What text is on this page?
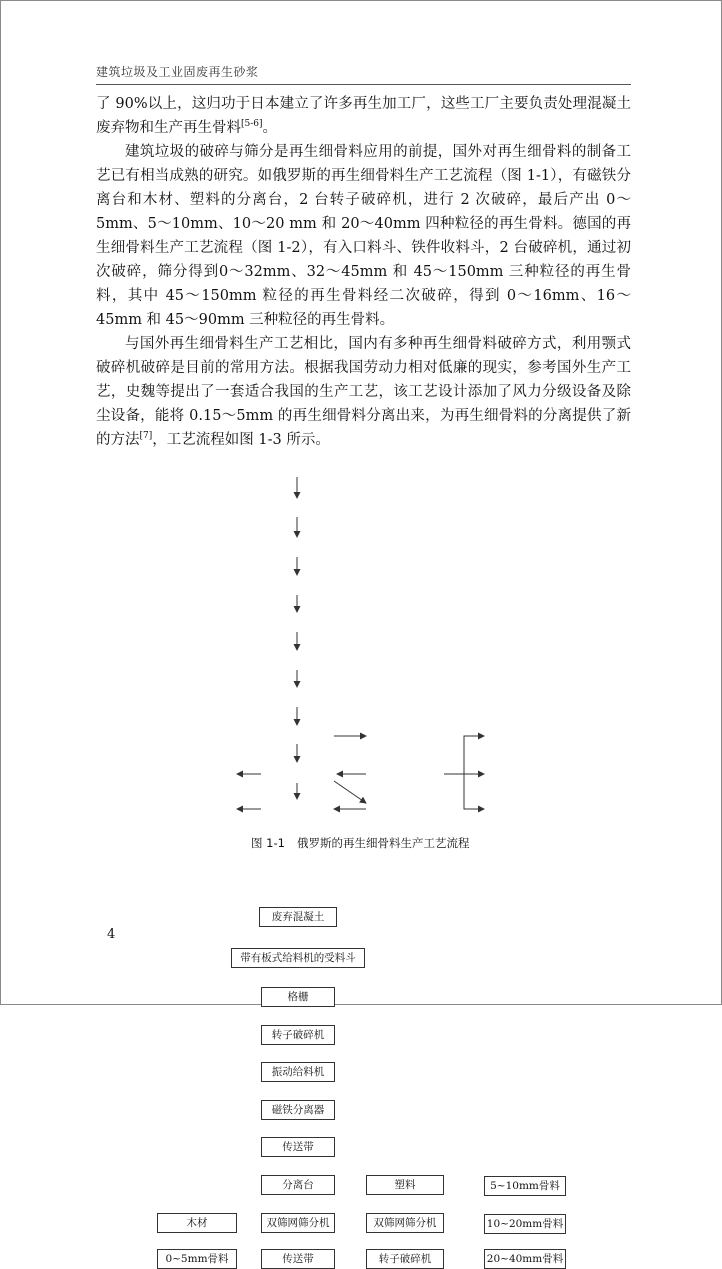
建筑垃圾及工业固废再生砂浆

了 90%以上，这归功于日本建立了许多再生加工厂，这些工厂主要负责处理混凝土废弃物和生产再生骨料[5-6]。

建筑垃圾的破碎与筛分是再生细骨料应用的前提，国外对再生细骨料的制备工艺已有相当成熟的研究。如俄罗斯的再生细骨料生产工艺流程（图 1-1），有磁铁分离台和木材、塑料的分离台，2 台转子破碎机，进行 2 次破碎，最后产出 0～5mm、5～10mm、10～20 mm 和 20～40mm 四种粒径的再生骨料。德国的再生细骨料生产工艺流程（图 1-2），有入口料斗、铁件收料斗，2 台破碎机，通过初次破碎，筛分得到0～32mm、32～45mm 和 45～150mm 三种粒径的再生骨料，其中 45～150mm 粒径的再生骨料经二次破碎，得到 0～16mm、16～45mm 和 45～90mm 三种粒径的再生骨料。

与国外再生细骨料生产工艺相比，国内有多种再生细骨料破碎方式，利用颚式破碎机破碎是目前的常用方法。根据我国劳动力相对低廉的现实，参考国外生产工艺，史魏等提出了一套适合我国的生产工艺，该工艺设计添加了风力分级设备及除尘设备，能将 0.15～5mm 的再生细骨料分离出来，为再生细骨料的分离提供了新的方法[7]，工艺流程如图 1-3 所示。

废弃混凝土
带有板式给料机的受料斗
格栅
转子破碎机
振动给料机
磁铁分离器
传送带
分离台	塑料
双筛网筛分机	双筛网筛分机
木材
传送带	转子破碎机
0~5mm骨料
5~10mm骨料
10~20mm骨料
20~40mm骨料
图 1-1 俄罗斯的再生细骨料生产工艺流程
4
